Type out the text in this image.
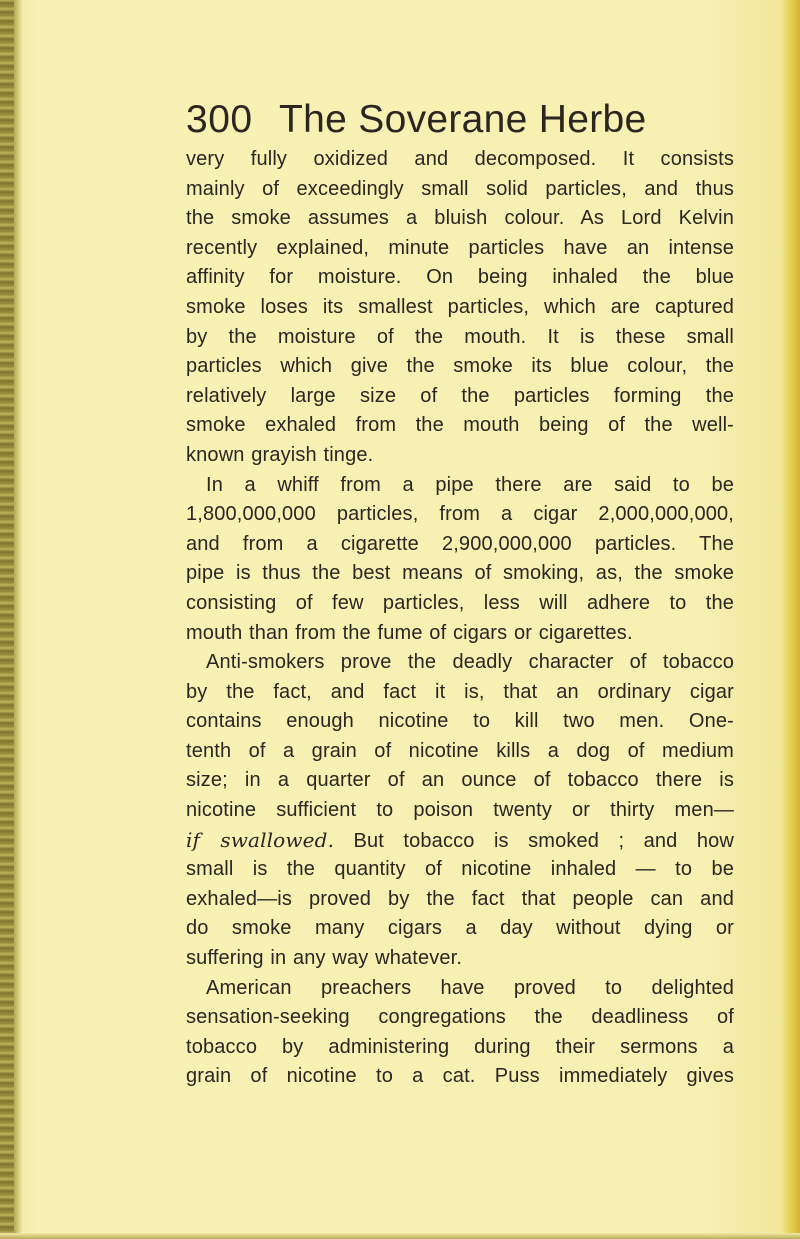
300 The Soverane Herbe
very fully oxidized and decomposed. It consists
mainly of exceedingly small solid particles, and thus
the smoke assumes a bluish colour. As Lord Kelvin
recently explained, minute particles have an intense
affinity for moisture. On being inhaled the blue
smoke loses its smallest particles, which are captured
by the moisture of the mouth. It is these small
particles which give the smoke its blue colour, the
relatively large size of the particles forming the
smoke exhaled from the mouth being of the well-
known grayish tinge.
In a whiff from a pipe there are said to be
1,800,000,000 particles, from a cigar 2,000,000,000,
and from a cigarette 2,900,000,000 particles. The
pipe is thus the best means of smoking, as, the smoke
consisting of few particles, less will adhere to the
mouth than from the fume of cigars or cigarettes.
Anti-smokers prove the deadly character of tobacco
by the fact, and fact it is, that an ordinary cigar
contains enough nicotine to kill two men. One-
tenth of a grain of nicotine kills a dog of medium
size; in a quarter of an ounce of tobacco there is
nicotine sufficient to poison twenty or thirty men—
if swallowed. But tobacco is smoked ; and how
small is the quantity of nicotine inhaled — to be
exhaled—is proved by the fact that people can and
do smoke many cigars a day without dying or
suffering in any way whatever.
American preachers have proved to delighted
sensation-seeking congregations the deadliness of
tobacco by administering during their sermons a
grain of nicotine to a cat. Puss immediately gives
